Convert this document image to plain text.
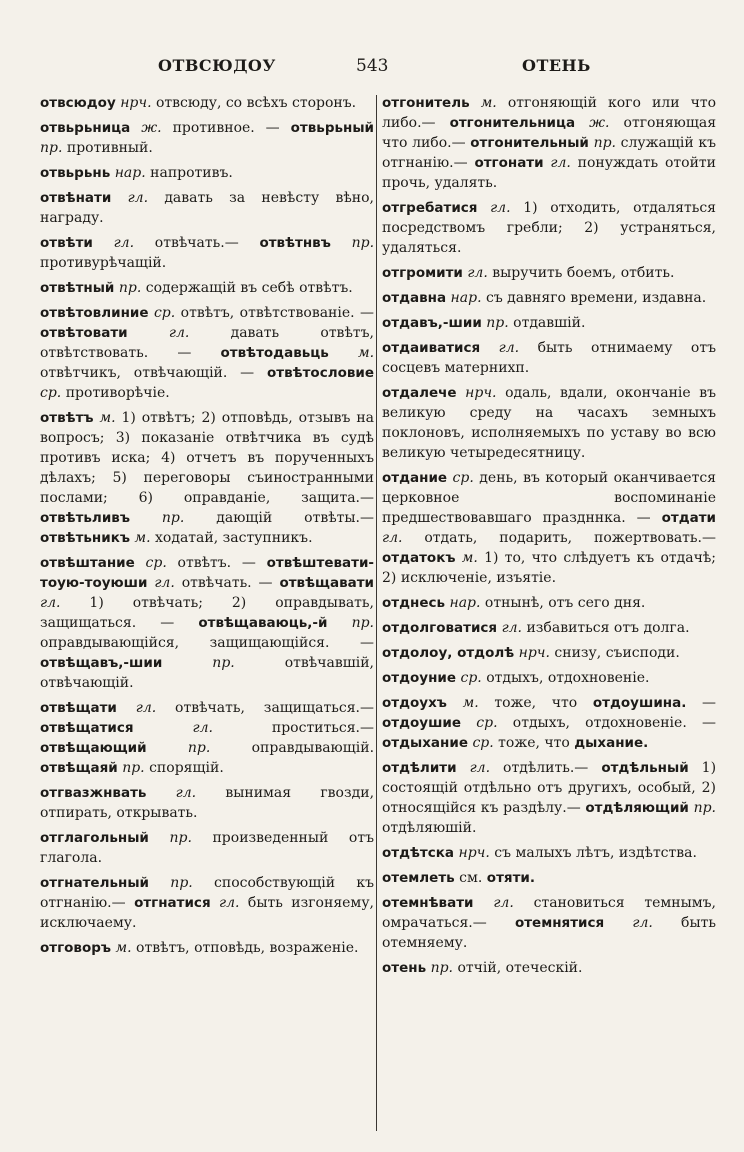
ОТВСЮДОУ	543	ОТЕНЬ
отвсюдоу нрч. отвсюду, со всѣхъ сторонъ.
отвьрьница ж. противное. — отвьрьный пр. противный.
отвьрьнь нар. напротивъ.
отвѣнати гл. давать за невѣсту вѣно, награду.
отвѣти гл. отвѣчать.— отвѣтнвъ пр. противурѣчащій.
отвѣтный пр. содержащій въ себѣ отвѣтъ.
отвѣтовлиние ср. отвѣтъ, отвѣтствованіе. — отвѣтовати	гл.	давать отвѣтъ, отвѣтствовать. — отвѣтодавьць м. отвѣтчикъ, отвѣчающій. — отвѣтословие ср. противорѣчіе.
отвѣтъ м. 1) отвѣтъ; 2) отповѣдь, отзывъ на вопросъ; 3) показаніе отвѣтчика въ судѣ противъ иска; 4) отчетъ въ порученныхъ дѣлахъ; 5) переговоры съиностранными послами; 6) оправданіе, защита.— отвѣтьливъ пр. дающій отвѣты.— отвѣтьникъ м. ходатай, заступникъ.
отвѣштание ср. отвѣтъ. — отвѣштевати-тоую-тоуюши гл. отвѣчать. — отвѣщавати гл. 1) отвѣчать; 2) оправдывать, защищаться. — отвѣщаваюць,-й пр. оправдывающійся, защищающійся. — отвѣщавъ,-шии	пр.	отвѣчавшій, отвѣчающій.
отвѣщати гл. отвѣчать, защищаться.— отвѣщатися	гл.	проститься.— отвѣщающий	пр.	оправдывающій. отвѣщаяй пр. спорящій.
отгвазжнвать гл. вынимая гвозди, отпирать, открывать.
отглагольный пр. произведенный отъ глагола.
отгнательный пр. способствующій къ отгнанію.— отгнатися гл. быть изгоняему, исключаему.
отговоръ м. отвѣтъ, отповѣдь, возраженіе.
отгонитель м. отгоняющій кого или что либо.— отгонительница ж. отгоняющая что либо.— отгонительный пр. служащій къ отгнанію.— отгонати гл. понуждать отойти прочь, удалять.
отгребатися гл. 1) отходить, отдаляться посредствомъ гребли; 2) устраняться, удаляться.
отгромити гл. выручить боемъ, отбить.
отдавна нар. съ давняго времени, издавна.
отдавъ,-шии пр. отдавшій.
отдаиватися гл. быть отнимаему отъ сосцевъ матернихп.
отдалече нрч. одаль, вдали, окончаніе въ великую среду на часахъ земныхъ поклоновъ, исполняемыхъ по уставу во всю великую четыредесятницу.
отдание ср. день, въ который оканчивается церковное воспоминаніе предшествовавшаго праздннка. — отдати гл. отдать, подарить, пожертвовать.— отдатокъ м. 1) то, что слѣдуетъ къ отдачѣ; 2) исключеніе, изъятіе.
отднесь нар. отнынѣ, отъ сего дня.
отдолговатися гл. избавиться отъ долга.
отдолоу, отдолѣ нрч. снизу, съисподи.
отдоуние ср. отдыхъ, отдохновеніе.
отдоухъ м. тоже, что отдоушина. — отдоушие ср. отдыхъ, отдохновеніе. — отдыхание ср. тоже, что дыхание.
отдѣлити гл. отдѣлить.— отдѣльный 1) состоящій отдѣльно отъ другихъ, особый, 2) относящійся къ раздѣлу.— отдѣляющий пр. отдѣляюшій.
отдѣтска нрч. съ малыхъ лѣтъ, издѣтства.
отемлеть см. отяти.
отемнѣвати гл. становиться темнымъ, омрачаться.— отемнятися гл. быть отемняему.
отень пр. отчій, отеческій.
